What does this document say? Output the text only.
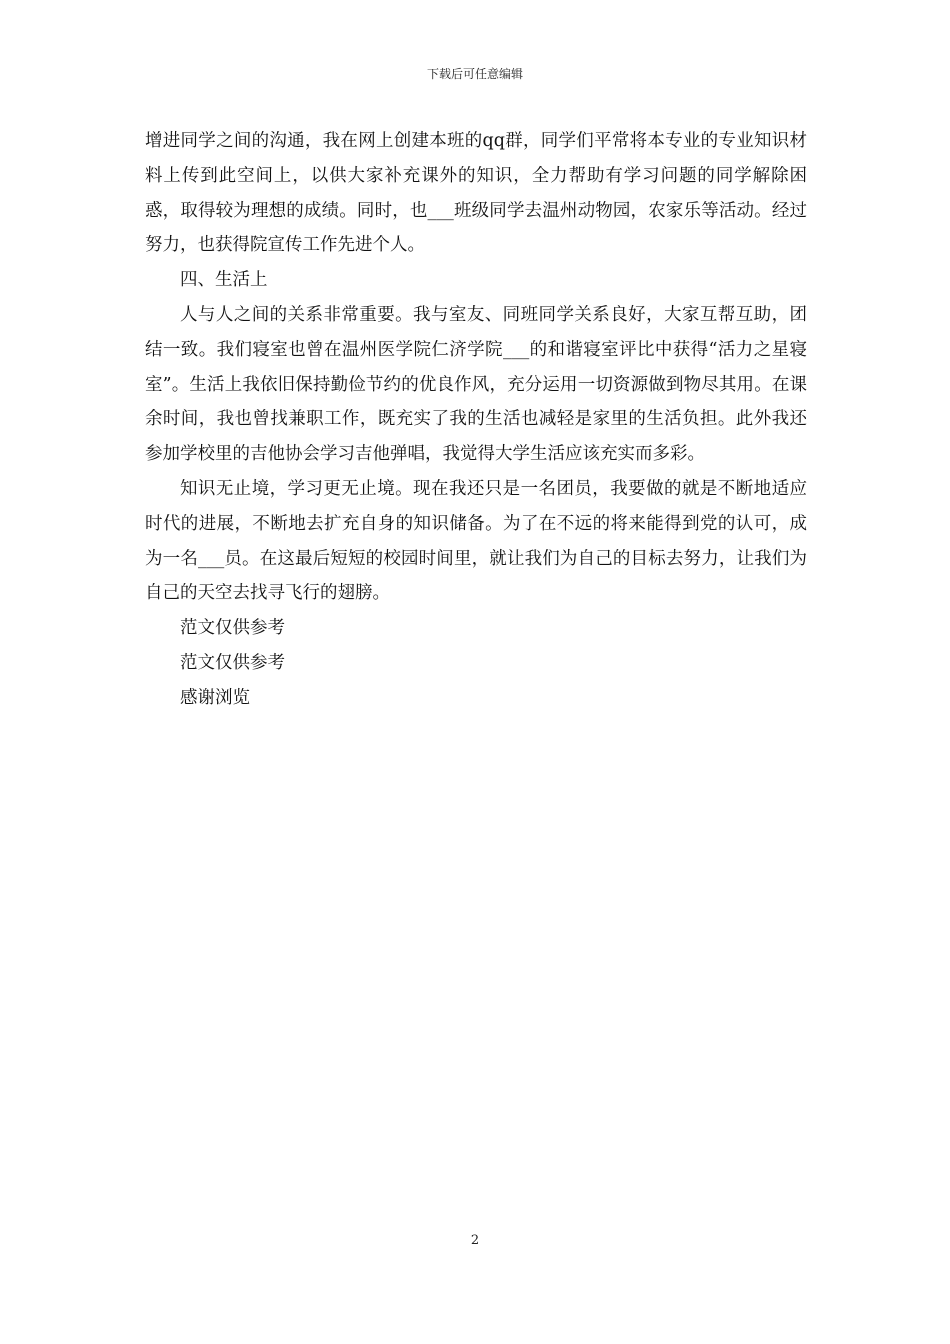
下载后可任意编辑

增进同学之间的沟通，我在网上创建本班的qq群，同学们平常将本专业的专业知识材料上传到此空间上，以供大家补充课外的知识，全力帮助有学习问题的同学解除困惑，取得较为理想的成绩。同时，也___班级同学去温州动物园，农家乐等活动。经过努力，也获得院宣传工作先进个人。

四、生活上

人与人之间的关系非常重要。我与室友、同班同学关系良好，大家互帮互助，团结一致。我们寝室也曾在温州医学院仁济学院___的和谐寝室评比中获得“活力之星寝室”。生活上我依旧保持勤俭节约的优良作风，充分运用一切资源做到物尽其用。在课余时间，我也曾找兼职工作，既充实了我的生活也减轻是家里的生活负担。此外我还参加学校里的吉他协会学习吉他弹唱，我觉得大学生活应该充实而多彩。

知识无止境，学习更无止境。现在我还只是一名团员，我要做的就是不断地适应时代的进展，不断地去扩充自身的知识储备。为了在不远的将来能得到党的认可，成为一名___员。在这最后短短的校园时间里，就让我们为自己的目标去努力，让我们为自己的天空去找寻飞行的翅膀。

范文仅供参考

范文仅供参考

感谢浏览

2
